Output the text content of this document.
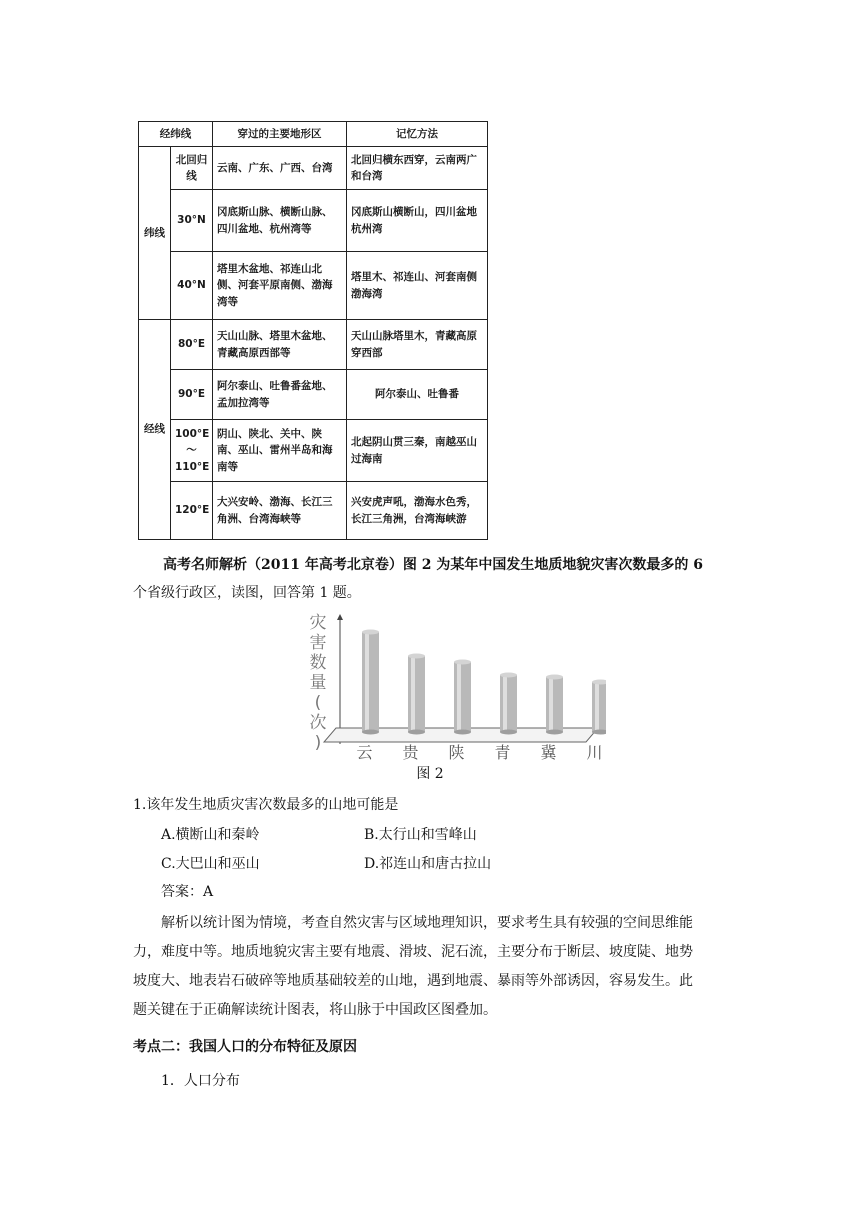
经纬线		穿过的主要地形区	记忆方法
纬线	北回归线	云南、广东、广西、台湾	北回归横东西穿，云南两广和台湾
	30°N	冈底斯山脉、横断山脉、四川盆地、杭州湾等	冈底斯山横断山，四川盆地杭州湾
	40°N	塔里木盆地、祁连山北侧、河套平原南侧、渤海湾等	塔里木、祁连山、河套南侧渤海湾
经线	80°E	天山山脉、塔里木盆地、青藏高原西部等	天山山脉塔里木，青藏高原穿西部
	90°E	阿尔泰山、吐鲁番盆地、孟加拉湾等	阿尔泰山、吐鲁番
	100°E ～ 110°E	阴山、陕北、关中、陕南、巫山、雷州半岛和海南等	北起阴山贯三秦，南越巫山过海南
	120°E	大兴安岭、渤海、长江三角洲、台湾海峡等	兴安虎声吼，渤海水色秀，长江三角洲，台湾海峡游
高考名师解析（2011 年高考北京卷）图 2 为某年中国发生地质地貌灾害次数最多的 6
个省级行政区，读图，回答第 1 题。
灾
害
数
量
(
次
) 云 贵 陕 青 冀 川
图 2
1.该年发生地质灾害次数最多的山地可能是
A.横断山和秦岭	B.太行山和雪峰山
C.大巴山和巫山	D.祁连山和唐古拉山
答案：A
解析以统计图为情境，考查自然灾害与区域地理知识，要求考生具有较强的空间思维能
力，难度中等。地质地貌灾害主要有地震、滑坡、泥石流，主要分布于断层、坡度陡、地势
坡度大、地表岩石破碎等地质基础较差的山地，遇到地震、暴雨等外部诱因，容易发生。此
题关键在于正确解读统计图表，将山脉于中国政区图叠加。
考点二：我国人口的分布特征及原因
1．人口分布
